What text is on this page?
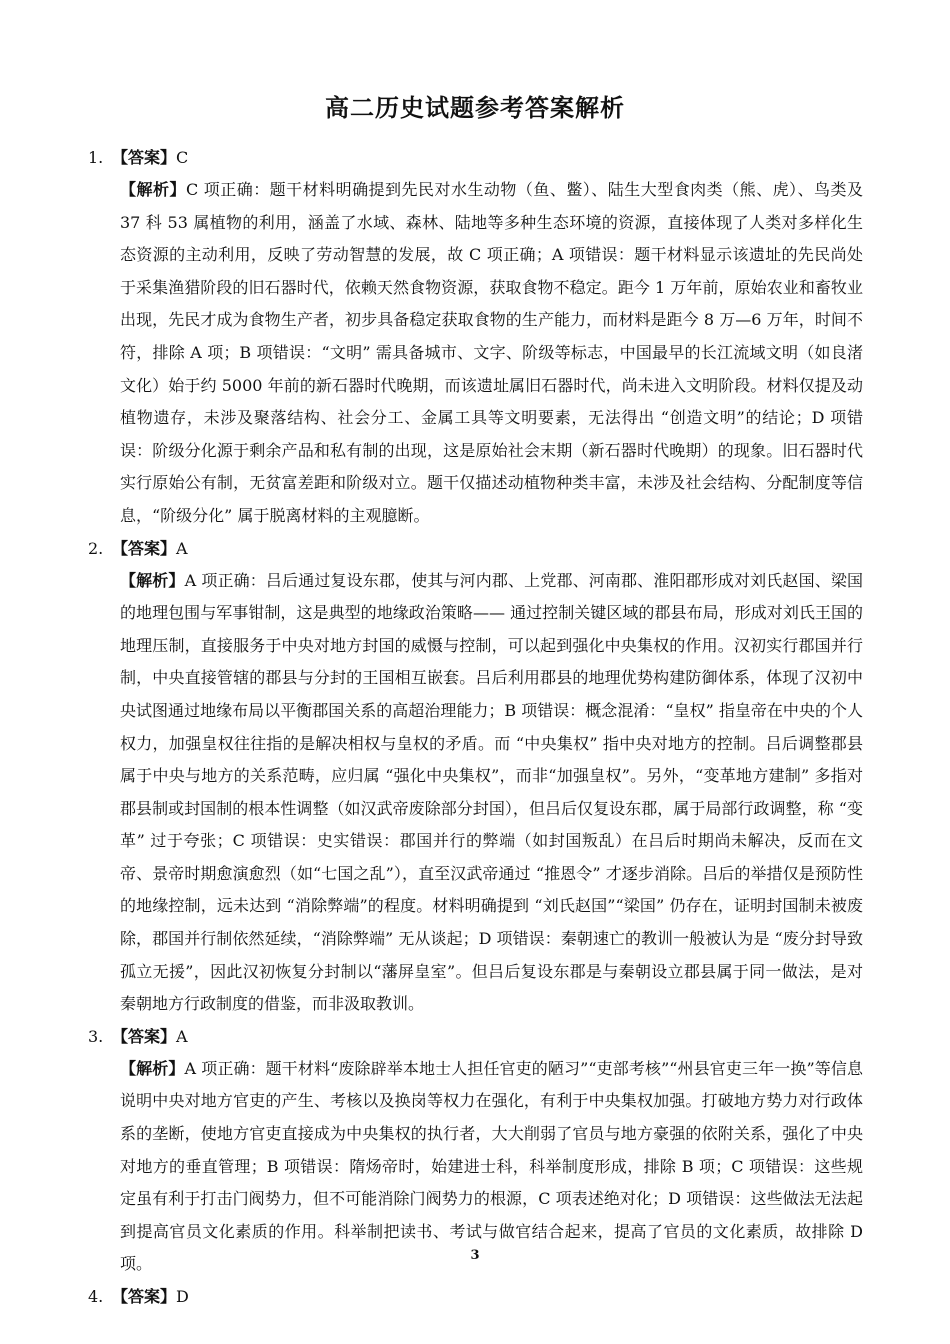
高二历史试题参考答案解析
1. 【答案】C

【解析】C 项正确：题干材料明确提到先民对水生动物（鱼、鳖）、陆生大型食肉类（熊、虎）、鸟类及 37 科 53 属植物的利用，涵盖了水域、森林、陆地等多种生态环境的资源，直接体现了人类对多样化生态资源的主动利用，反映了劳动智慧的发展，故 C 项正确；A 项错误：题干材料显示该遗址的先民尚处于采集渔猎阶段的旧石器时代，依赖天然食物资源，获取食物不稳定。距今 1 万年前，原始农业和畜牧业出现，先民才成为食物生产者，初步具备稳定获取食物的生产能力，而材料是距今 8 万—6 万年，时间不符，排除 A 项；B 项错误：“文明” 需具备城市、文字、阶级等标志，中国最早的长江流域文明（如良渚文化）始于约 5000 年前的新石器时代晚期，而该遗址属旧石器时代，尚未进入文明阶段。材料仅提及动植物遗存，未涉及聚落结构、社会分工、金属工具等文明要素，无法得出 “创造文明”的结论；D 项错误：阶级分化源于剩余产品和私有制的出现，这是原始社会末期（新石器时代晚期）的现象。旧石器时代实行原始公有制，无贫富差距和阶级对立。题干仅描述动植物种类丰富，未涉及社会结构、分配制度等信息，“阶级分化” 属于脱离材料的主观臆断。

2. 【答案】A

【解析】A 项正确：吕后通过复设东郡，使其与河内郡、上党郡、河南郡、淮阳郡形成对刘氏赵国、梁国的地理包围与军事钳制，这是典型的地缘政治策略—— 通过控制关键区域的郡县布局，形成对刘氏王国的地理压制，直接服务于中央对地方封国的威慑与控制，可以起到强化中央集权的作用。汉初实行郡国并行制，中央直接管辖的郡县与分封的王国相互嵌套。吕后利用郡县的地理优势构建防御体系，体现了汉初中央试图通过地缘布局以平衡郡国关系的高超治理能力；B 项错误：概念混淆：“皇权” 指皇帝在中央的个人权力，加强皇权往往指的是解决相权与皇权的矛盾。而 “中央集权” 指中央对地方的控制。吕后调整郡县属于中央与地方的关系范畴，应归属 “强化中央集权”，而非“加强皇权”。另外，“变革地方建制” 多指对郡县制或封国制的根本性调整（如汉武帝废除部分封国），但吕后仅复设东郡，属于局部行政调整，称 “变革” 过于夸张；C 项错误：史实错误：郡国并行的弊端（如封国叛乱）在吕后时期尚未解决，反而在文帝、景帝时期愈演愈烈（如“七国之乱”），直至汉武帝通过 “推恩令” 才逐步消除。吕后的举措仅是预防性的地缘控制，远未达到 “消除弊端”的程度。材料明确提到 “刘氏赵国”“梁国” 仍存在，证明封国制未被废除，郡国并行制依然延续，“消除弊端” 无从谈起；D 项错误：秦朝速亡的教训一般被认为是 “废分封导致孤立无援”，因此汉初恢复分封制以“藩屏皇室”。但吕后复设东郡是与秦朝设立郡县属于同一做法，是对秦朝地方行政制度的借鉴，而非汲取教训。

3. 【答案】A

【解析】A 项正确：题干材料“废除辟举本地士人担任官吏的陋习”“吏部考核”“州县官吏三年一换”等信息说明中央对地方官吏的产生、考核以及换岗等权力在强化，有利于中央集权加强。打破地方势力对行政体系的垄断，使地方官吏直接成为中央集权的执行者，大大削弱了官员与地方豪强的依附关系，强化了中央对地方的垂直管理；B 项错误：隋炀帝时，始建进士科，科举制度形成，排除 B 项；C 项错误：这些规定虽有利于打击门阀势力，但不可能消除门阀势力的根源，C 项表述绝对化；D 项错误：这些做法无法起到提高官员文化素质的作用。科举制把读书、考试与做官结合起来，提高了官员的文化素质，故排除 D 项。

4. 【答案】D
3
